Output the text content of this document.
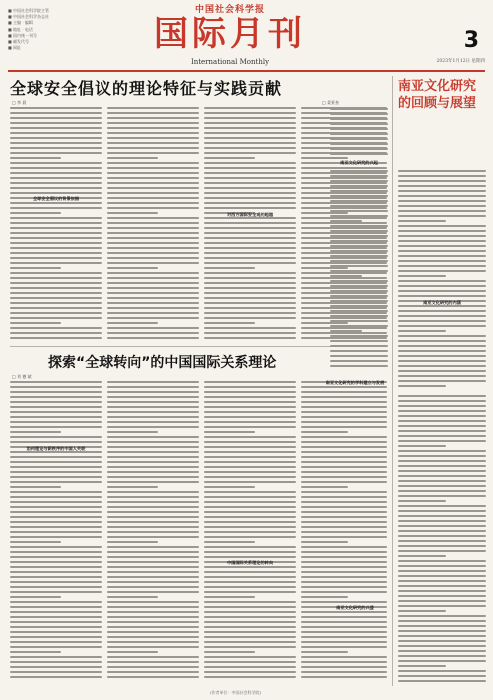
■ 中国社会科学院主管
■ 中国社会科学杂志社
■ 主编 · 编辑
■ 地址 · 电话
■ 国内统一刊号
■ 邮发代号
■ 网址
中国社会科学报
国际月刊
International Monthly
3
2023年1月12日 星期四
全球安全倡议的理论特征与实践贡献
□ 李 晨
全球安全倡议的背景依据
对西方国际安全观的超越
探索“全球转向”的中国国际关系理论
□ 刘 德 斌
如何理论与新秩序的中国人关联
中国国际关系理论的转向
□ 姜景奎
南亚文化研究的回顾与展望
南亚文化研究的兴起
南亚文化研究的内涵
南亚文化研究的学科建立与发展
南亚文化研究的兴盛
(作者单位：中国社会科学院)
